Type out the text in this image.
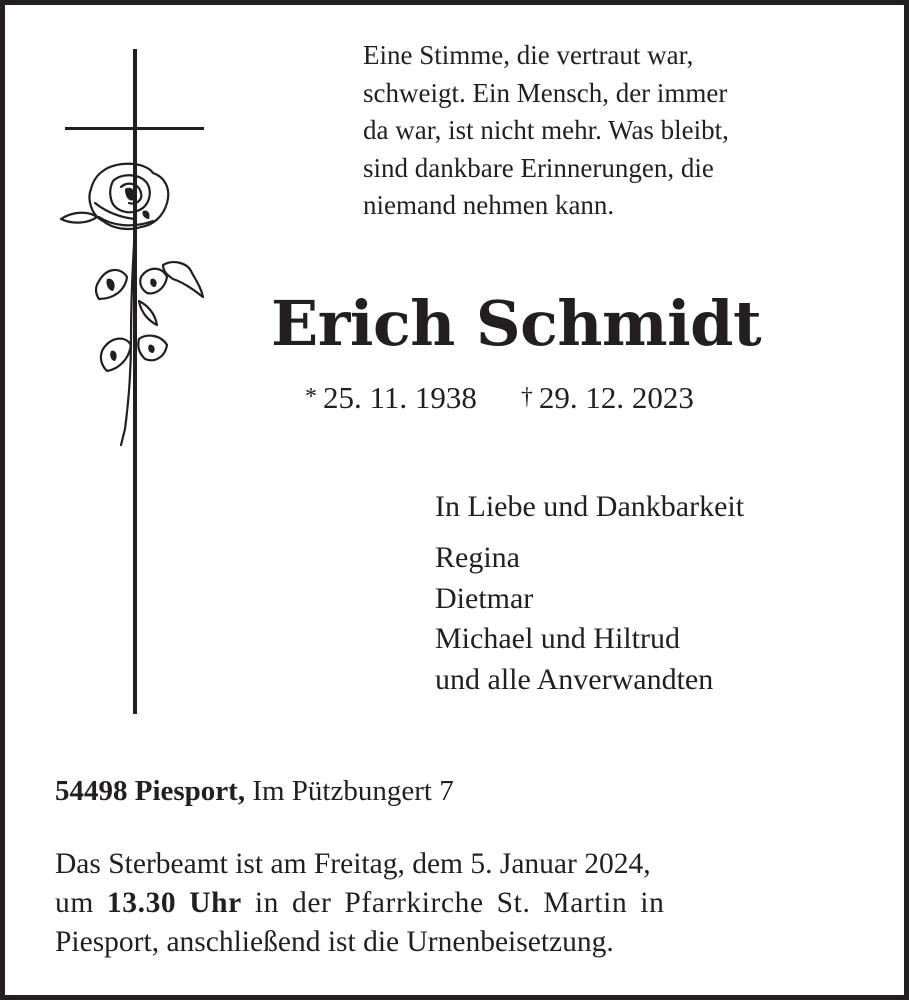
Eine Stimme, die vertraut war,
schweigt. Ein Mensch, der immer
da war, ist nicht mehr. Was bleibt,
sind dankbare Erinnerungen, die
niemand nehmen kann.
Erich Schmidt
* 25. 11. 1938 † 29. 12. 2023
In Liebe und Dankbarkeit
Regina
Dietmar
Michael und Hiltrud
und alle Anverwandten
54498 Piesport, Im Pützbungert 7
Das Sterbeamt ist am Freitag, dem 5. Januar 2024,
um 13.30 Uhr in der Pfarrkirche St. Martin in
Piesport, anschließend ist die Urnenbeisetzung.
